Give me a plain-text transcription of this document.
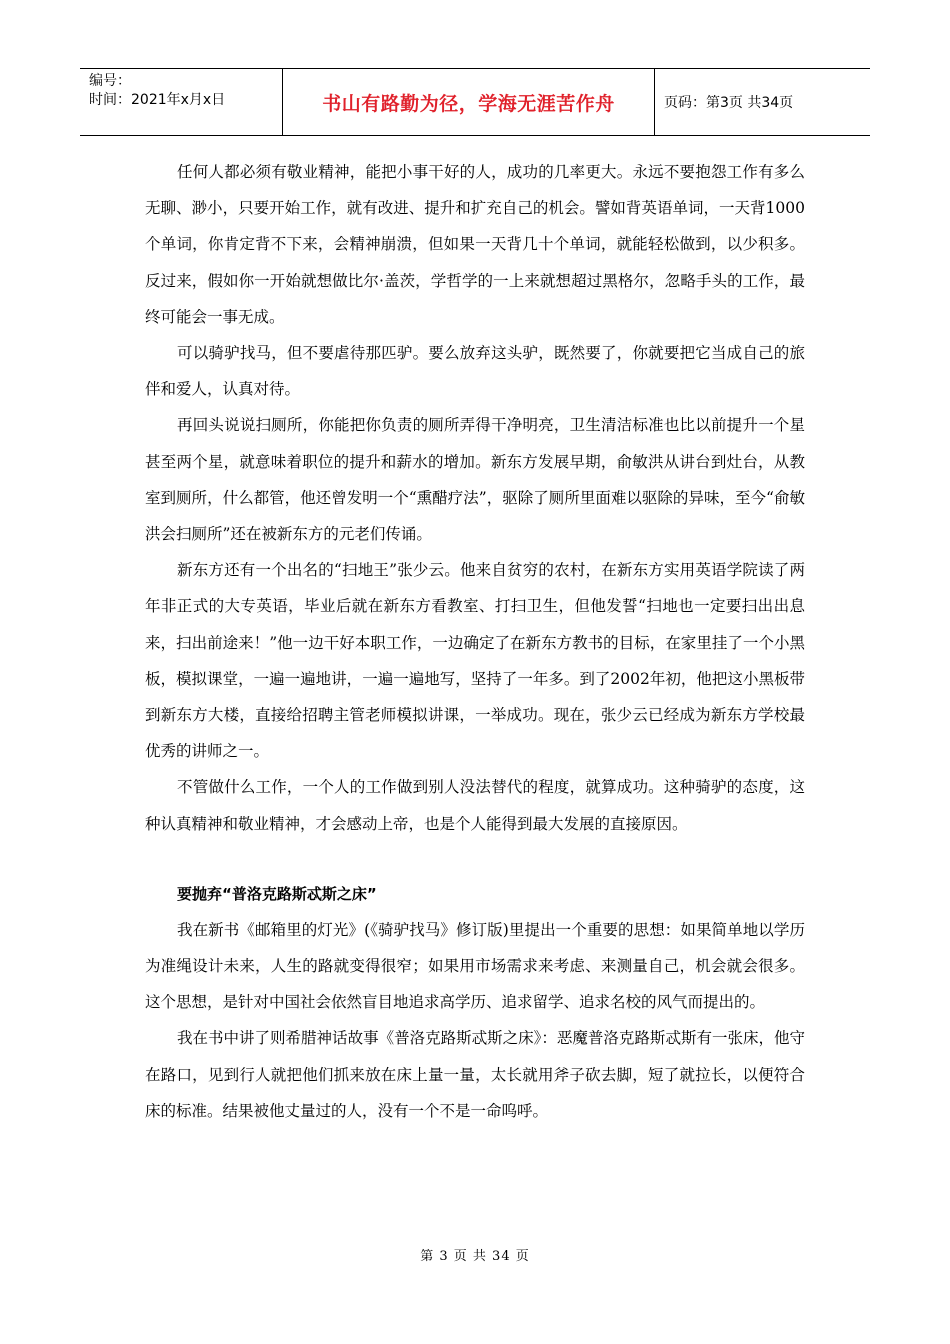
编号：
时间：2021年x月x日	书山有路勤为径，学海无涯苦作舟	页码：第3页 共34页

任何人都必须有敬业精神，能把小事干好的人，成功的几率更大。永远不要抱怨工作有多么无聊、渺小，只要开始工作，就有改进、提升和扩充自己的机会。譬如背英语单词，一天背1000个单词，你肯定背不下来，会精神崩溃，但如果一天背几十个单词，就能轻松做到，以少积多。反过来，假如你一开始就想做比尔·盖茨，学哲学的一上来就想超过黑格尔，忽略手头的工作，最终可能会一事无成。

可以骑驴找马，但不要虐待那匹驴。要么放弃这头驴，既然要了，你就要把它当成自己的旅伴和爱人，认真对待。

再回头说说扫厕所，你能把你负责的厕所弄得干净明亮，卫生清洁标准也比以前提升一个星甚至两个星，就意味着职位的提升和薪水的增加。新东方发展早期，俞敏洪从讲台到灶台，从教室到厕所，什么都管，他还曾发明一个“熏醋疗法”，驱除了厕所里面难以驱除的异味，至今“俞敏洪会扫厕所”还在被新东方的元老们传诵。

新东方还有一个出名的“扫地王”张少云。他来自贫穷的农村，在新东方实用英语学院读了两年非正式的大专英语，毕业后就在新东方看教室、打扫卫生，但他发誓“扫地也一定要扫出出息来，扫出前途来！”他一边干好本职工作，一边确定了在新东方教书的目标，在家里挂了一个小黑板，模拟课堂，一遍一遍地讲，一遍一遍地写，坚持了一年多。到了2002年初，他把这小黑板带到新东方大楼，直接给招聘主管老师模拟讲课，一举成功。现在，张少云已经成为新东方学校最优秀的讲师之一。

不管做什么工作，一个人的工作做到别人没法替代的程度，就算成功。这种骑驴的态度，这种认真精神和敬业精神，才会感动上帝，也是个人能得到最大发展的直接原因。

要抛弃“普洛克路斯忒斯之床”

我在新书《邮箱里的灯光》(《骑驴找马》修订版)里提出一个重要的思想：如果简单地以学历为准绳设计未来，人生的路就变得很窄；如果用市场需求来考虑、来测量自己，机会就会很多。这个思想，是针对中国社会依然盲目地追求高学历、追求留学、追求名校的风气而提出的。

我在书中讲了则希腊神话故事《普洛克路斯忒斯之床》：恶魔普洛克路斯忒斯有一张床，他守在路口，见到行人就把他们抓来放在床上量一量，太长就用斧子砍去脚，短了就拉长，以便符合床的标准。结果被他丈量过的人，没有一个不是一命呜呼。

第 3 页 共 34 页
